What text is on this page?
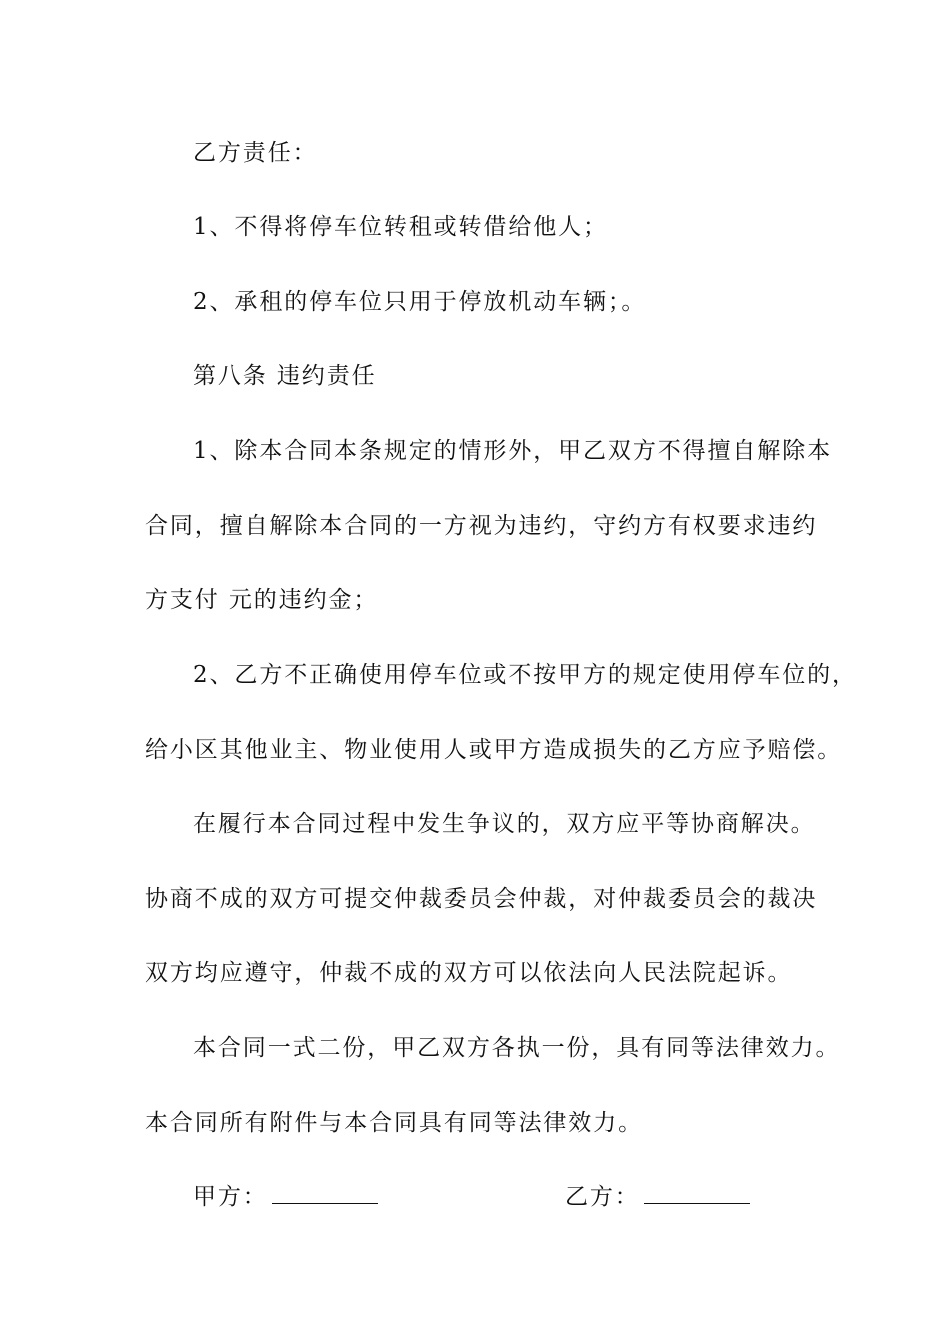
乙方责任：
1、不得将停车位转租或转借给他人；
2、承租的停车位只用于停放机动车辆；。
第八条 违约责任
1、除本合同本条规定的情形外，甲乙双方不得擅自解除本
合同，擅自解除本合同的一方视为违约，守约方有权要求违约
方支付 元的违约金；
2、乙方不正确使用停车位或不按甲方的规定使用停车位的，
给小区其他业主、物业使用人或甲方造成损失的乙方应予赔偿。
在履行本合同过程中发生争议的，双方应平等协商解决。
协商不成的双方可提交仲裁委员会仲裁，对仲裁委员会的裁决
双方均应遵守，仲裁不成的双方可以依法向人民法院起诉。
本合同一式二份，甲乙双方各执一份，具有同等法律效力。
本合同所有附件与本合同具有同等法律效力。
甲方：	乙方：
